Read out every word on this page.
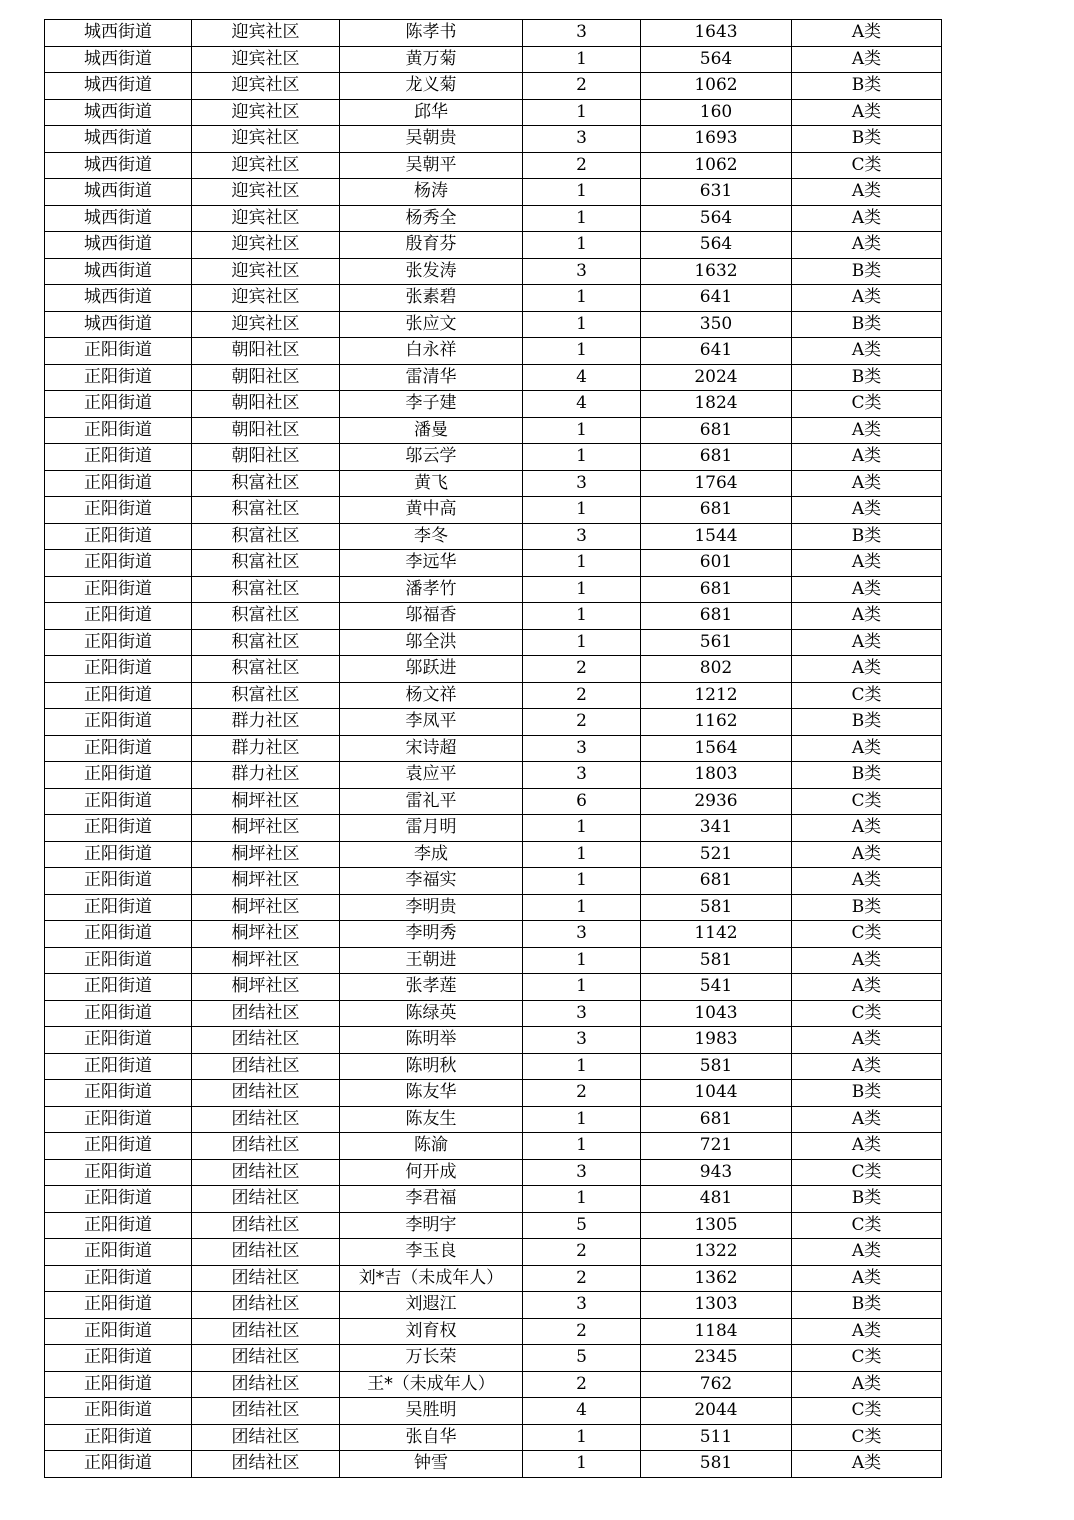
城西街道	迎宾社区	陈孝书	3	1643	A类
城西街道	迎宾社区	黄万菊	1	564	A类
城西街道	迎宾社区	龙义菊	2	1062	B类
城西街道	迎宾社区	邱华	1	160	A类
城西街道	迎宾社区	吴朝贵	3	1693	B类
城西街道	迎宾社区	吴朝平	2	1062	C类
城西街道	迎宾社区	杨涛	1	631	A类
城西街道	迎宾社区	杨秀全	1	564	A类
城西街道	迎宾社区	殷育芬	1	564	A类
城西街道	迎宾社区	张发涛	3	1632	B类
城西街道	迎宾社区	张素碧	1	641	A类
城西街道	迎宾社区	张应文	1	350	B类
正阳街道	朝阳社区	白永祥	1	641	A类
正阳街道	朝阳社区	雷清华	4	2024	B类
正阳街道	朝阳社区	李子建	4	1824	C类
正阳街道	朝阳社区	潘曼	1	681	A类
正阳街道	朝阳社区	邬云学	1	681	A类
正阳街道	积富社区	黄飞	3	1764	A类
正阳街道	积富社区	黄中高	1	681	A类
正阳街道	积富社区	李冬	3	1544	B类
正阳街道	积富社区	李远华	1	601	A类
正阳街道	积富社区	潘孝竹	1	681	A类
正阳街道	积富社区	邬福香	1	681	A类
正阳街道	积富社区	邬全洪	1	561	A类
正阳街道	积富社区	邬跃进	2	802	A类
正阳街道	积富社区	杨文祥	2	1212	C类
正阳街道	群力社区	李凤平	2	1162	B类
正阳街道	群力社区	宋诗超	3	1564	A类
正阳街道	群力社区	袁应平	3	1803	B类
正阳街道	桐坪社区	雷礼平	6	2936	C类
正阳街道	桐坪社区	雷月明	1	341	A类
正阳街道	桐坪社区	李成	1	521	A类
正阳街道	桐坪社区	李福实	1	681	A类
正阳街道	桐坪社区	李明贵	1	581	B类
正阳街道	桐坪社区	李明秀	3	1142	C类
正阳街道	桐坪社区	王朝进	1	581	A类
正阳街道	桐坪社区	张孝莲	1	541	A类
正阳街道	团结社区	陈绿英	3	1043	C类
正阳街道	团结社区	陈明举	3	1983	A类
正阳街道	团结社区	陈明秋	1	581	A类
正阳街道	团结社区	陈友华	2	1044	B类
正阳街道	团结社区	陈友生	1	681	A类
正阳街道	团结社区	陈渝	1	721	A类
正阳街道	团结社区	何开成	3	943	C类
正阳街道	团结社区	李君福	1	481	B类
正阳街道	团结社区	李明宇	5	1305	C类
正阳街道	团结社区	李玉良	2	1322	A类
正阳街道	团结社区	刘*吉（未成年人）	2	1362	A类
正阳街道	团结社区	刘遐江	3	1303	B类
正阳街道	团结社区	刘育权	2	1184	A类
正阳街道	团结社区	万长荣	5	2345	C类
正阳街道	团结社区	王*（未成年人）	2	762	A类
正阳街道	团结社区	吴胜明	4	2044	C类
正阳街道	团结社区	张自华	1	511	C类
正阳街道	团结社区	钟雪	1	581	A类
